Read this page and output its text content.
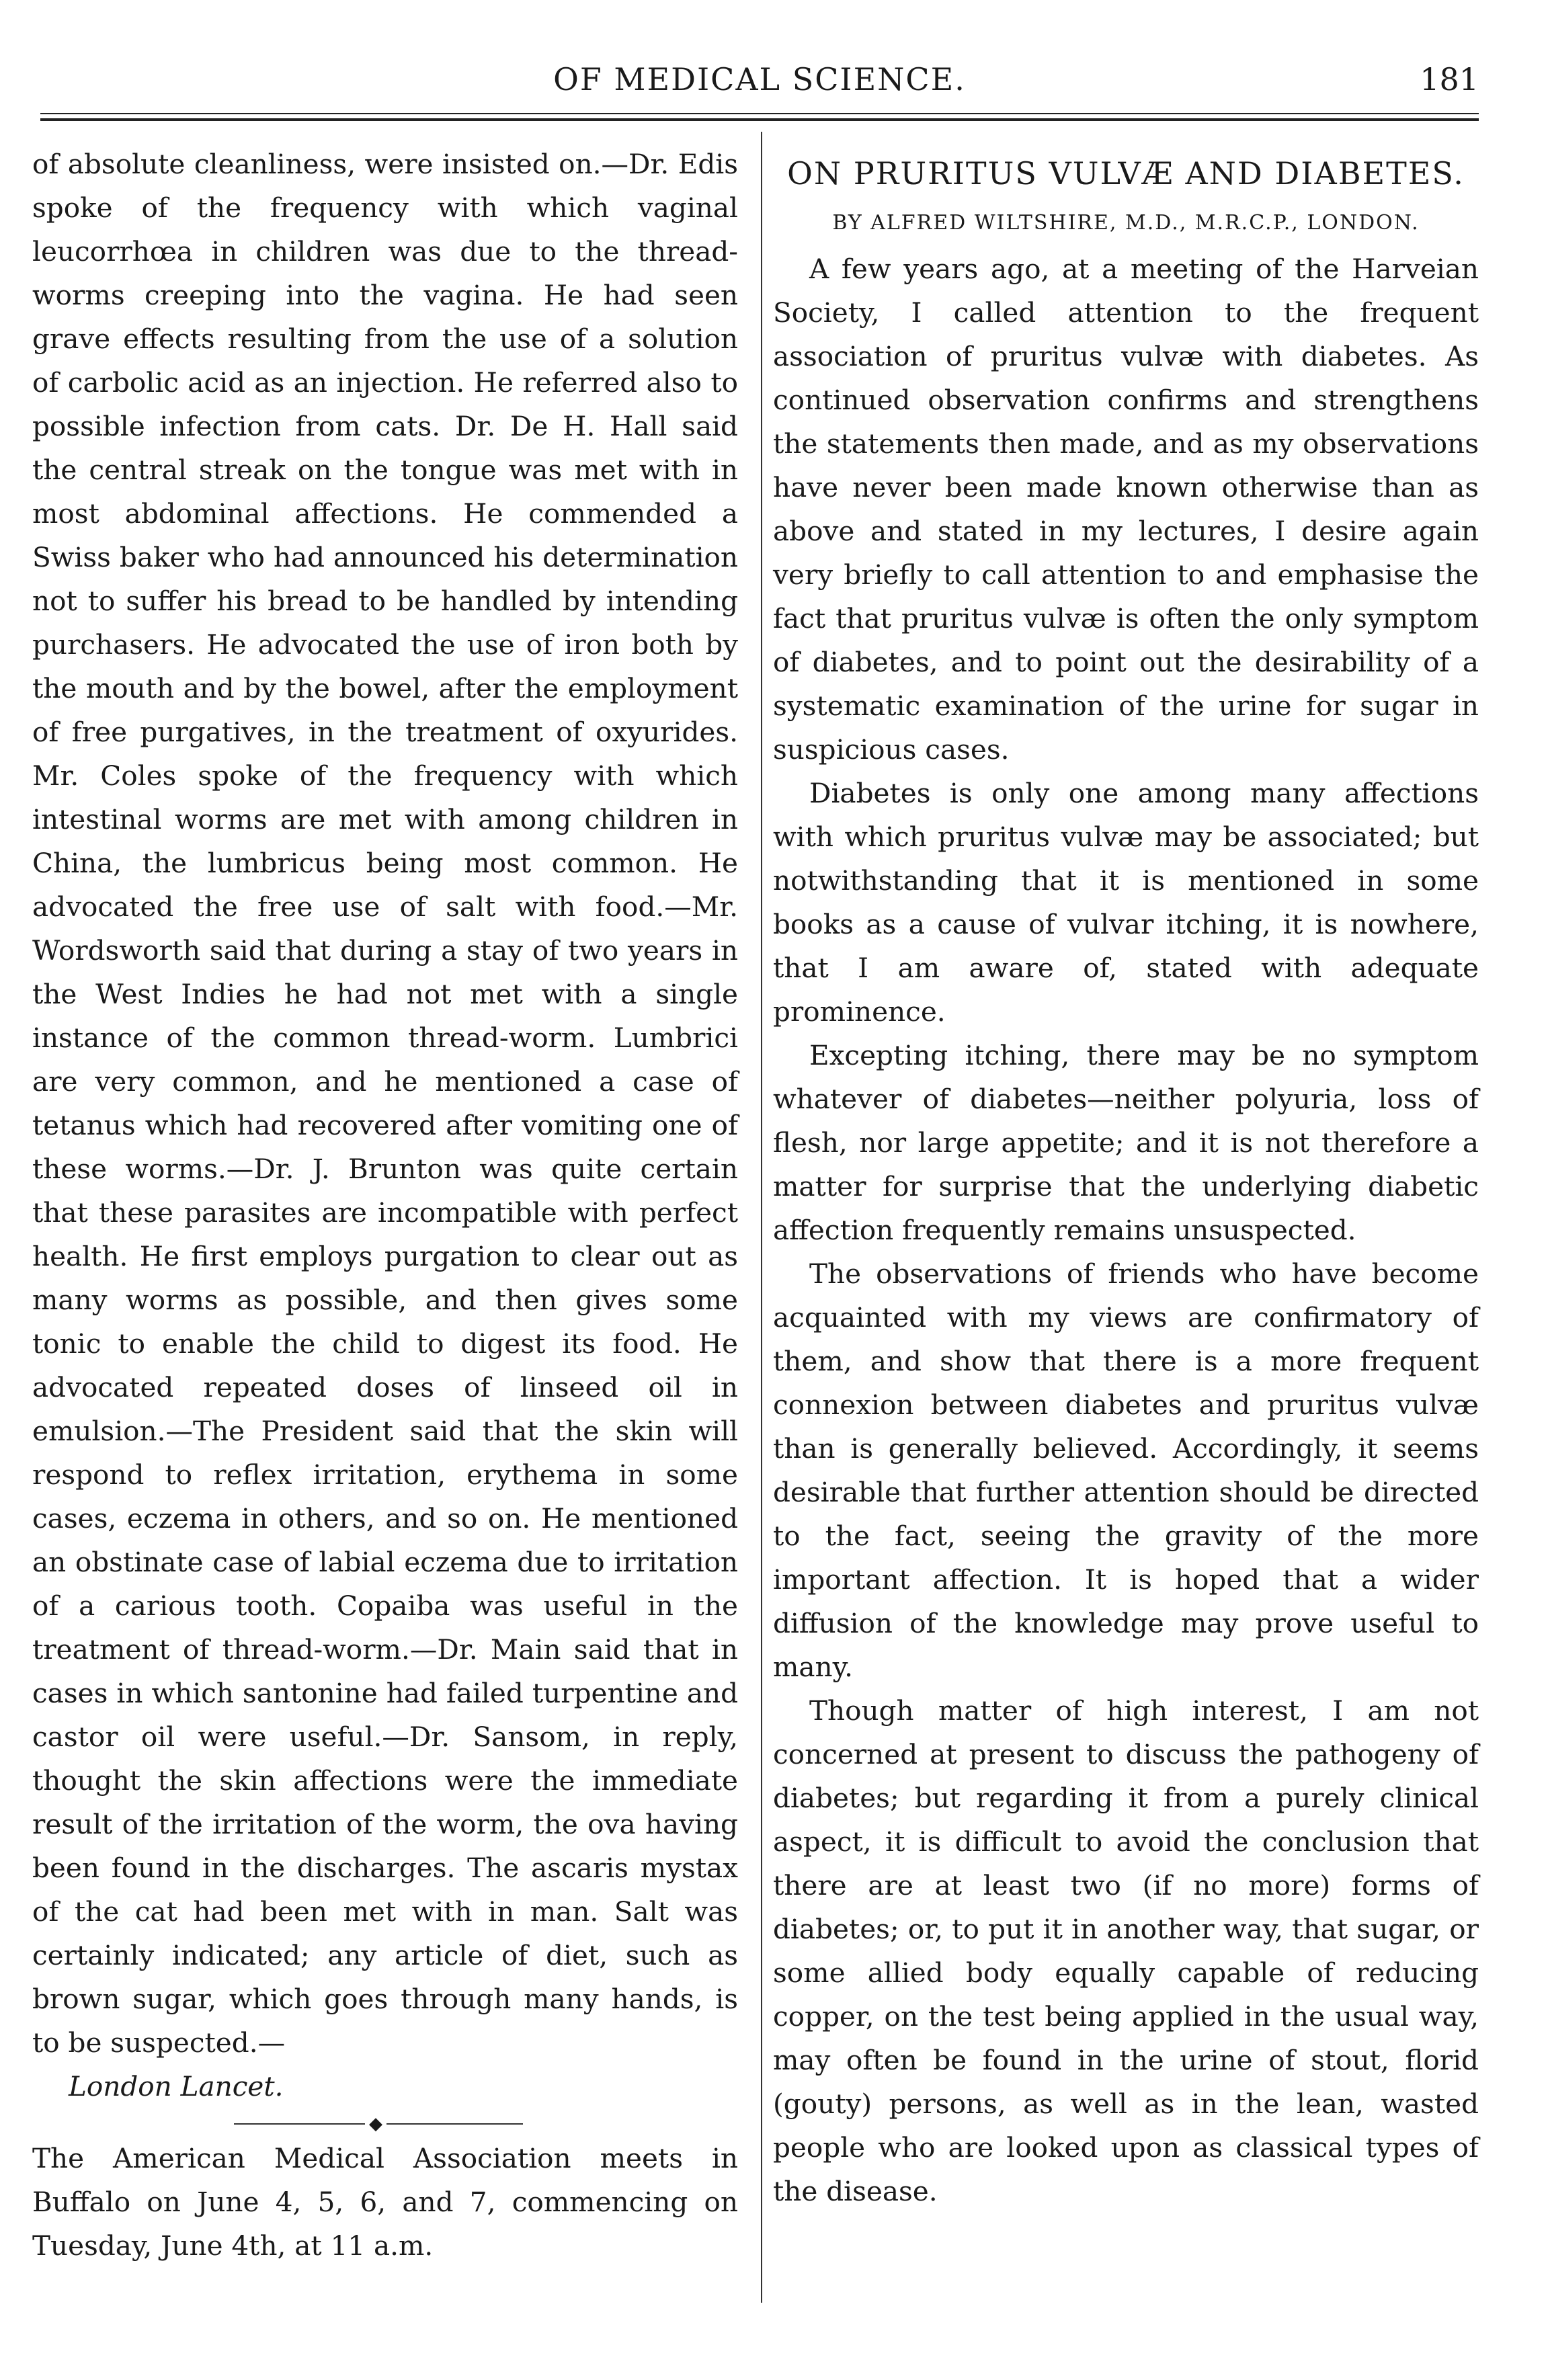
OF MEDICAL SCIENCE.	181

of absolute cleanliness, were insisted on.—Dr. Edis spoke of the frequency with which vaginal leucorrhœa in children was due to the thread-worms creeping into the vagina. He had seen grave effects resulting from the use of a solution of carbolic acid as an injection. He referred also to possible infection from cats. Dr. De H. Hall said the central streak on the tongue was met with in most abdominal affections. He commended a Swiss baker who had announced his determination not to suffer his bread to be handled by intending purchasers. He advocated the use of iron both by the mouth and by the bowel, after the employment of free purgatives, in the treatment of oxyurides. Mr. Coles spoke of the frequency with which intestinal worms are met with among children in China, the lumbricus being most common. He advocated the free use of salt with food.—Mr. Wordsworth said that during a stay of two years in the West Indies he had not met with a single instance of the common thread-worm. Lumbrici are very common, and he mentioned a case of tetanus which had recovered after vomiting one of these worms.—Dr. J. Brunton was quite certain that these parasites are incompatible with perfect health. He first employs purgation to clear out as many worms as possible, and then gives some tonic to enable the child to digest its food. He advocated repeated doses of linseed oil in emulsion.—The President said that the skin will respond to reflex irritation, erythema in some cases, eczema in others, and so on. He mentioned an obstinate case of labial eczema due to irritation of a carious tooth. Copaiba was useful in the treatment of thread-worm.—Dr. Main said that in cases in which santonine had failed turpentine and castor oil were useful.—Dr. Sansom, in reply, thought the skin affections were the immediate result of the irritation of the worm, the ova having been found in the discharges. The ascaris mystax of the cat had been met with in man. Salt was certainly indicated; any article of diet, such as brown sugar, which goes through many hands, is to be suspected.—

London Lancet.

◆

The American Medical Association meets in Buffalo on June 4, 5, 6, and 7, commencing on Tuesday, June 4th, at 11 a.m.

ON PRURITUS VULVÆ AND DIABETES.
BY ALFRED WILTSHIRE, M.D., M.R.C.P., LONDON.

A few years ago, at a meeting of the Harveian Society, I called attention to the frequent association of pruritus vulvæ with diabetes. As continued observation confirms and strengthens the statements then made, and as my observations have never been made known otherwise than as above and stated in my lectures, I desire again very briefly to call attention to and emphasise the fact that pruritus vulvæ is often the only symptom of diabetes, and to point out the desirability of a systematic examination of the urine for sugar in suspicious cases.

Diabetes is only one among many affections with which pruritus vulvæ may be associated; but notwithstanding that it is mentioned in some books as a cause of vulvar itching, it is nowhere, that I am aware of, stated with adequate prominence.

Excepting itching, there may be no symptom whatever of diabetes—neither polyuria, loss of flesh, nor large appetite; and it is not therefore a matter for surprise that the underlying diabetic affection frequently remains unsuspected.

The observations of friends who have become acquainted with my views are confirmatory of them, and show that there is a more frequent connexion between diabetes and pruritus vulvæ than is generally believed. Accordingly, it seems desirable that further attention should be directed to the fact, seeing the gravity of the more important affection. It is hoped that a wider diffusion of the knowledge may prove useful to many.

Though matter of high interest, I am not concerned at present to discuss the pathogeny of diabetes; but regarding it from a purely clinical aspect, it is difficult to avoid the conclusion that there are at least two (if no more) forms of diabetes; or, to put it in another way, that sugar, or some allied body equally capable of reducing copper, on the test being applied in the usual way, may often be found in the urine of stout, florid (gouty) persons, as well as in the lean, wasted people who are looked upon as classical types of the disease.
